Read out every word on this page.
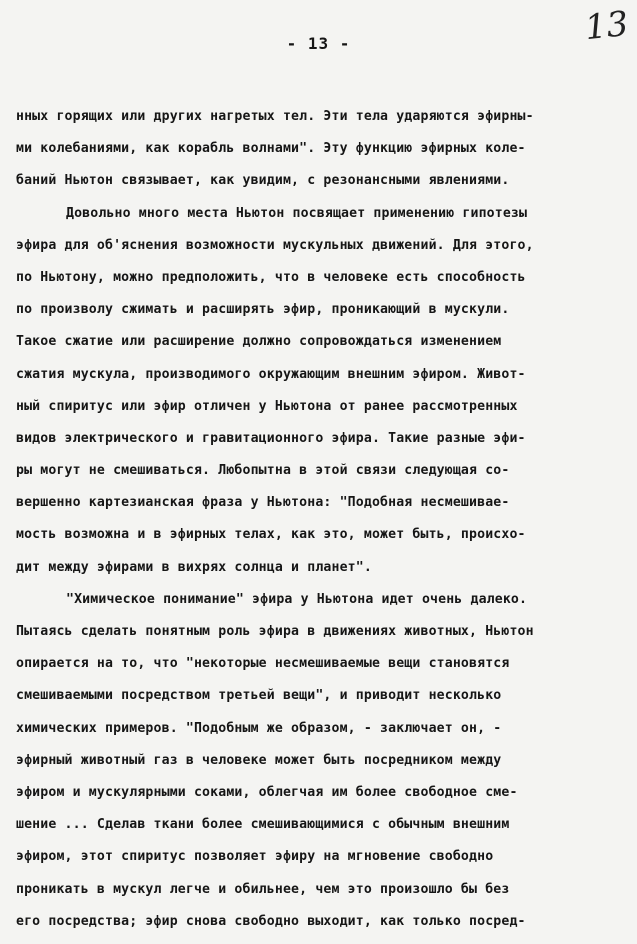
13
- 13 -
нных горящих или других нагретых тел. Эти тела ударяются эфирны-
ми колебаниями, как корабль волнами". Эту функцию эфирных коле-
баний Ньютон связывает, как увидим, с резонансными явлениями.
Довольно много места Ньютон посвящает применению гипотезы
эфира для об'яснения возможности мускульных движений. Для этого,
по Ньютону, можно предположить, что в человеке есть способность
по произволу сжимать и расширять эфир, проникающий в мускули.
Такое сжатие или расширение должно сопровождаться изменением
сжатия мускула, производимого окружающим внешним эфиром. Живот-
ный спиритус или эфир отличен у Ньютона от ранее рассмотренных
видов электрического и гравитационного эфира. Такие разные эфи-
ры могут не смешиваться. Любопытна в этой связи следующая со-
вершенно картезианская фраза у Ньютона: "Подобная несмешивае-
мость возможна и в эфирных телах, как это, может быть, происхо-
дит между эфирами в вихрях солнца и планет".
"Химическое понимание" эфира у Ньютона идет очень далеко.
Пытаясь сделать понятным роль эфира в движениях животных, Ньютон
опирается на то, что "некоторые несмешиваемые вещи становятся
смешиваемыми посредством третьей вещи", и приводит несколько
химических примеров. "Подобным же образом, - заключает он, -
эфирный животный газ в человеке может быть посредником между
эфиром и мускулярными соками, облегчая им более свободное сме-
шение ... Сделав ткани более смешивающимися с обычным внешним
эфиром, этот спиритус позволяет эфиру на мгновение свободно
проникать в мускул легче и обильнее, чем это произошло бы без
его посредства; эфир снова свободно выходит, как только посред-
